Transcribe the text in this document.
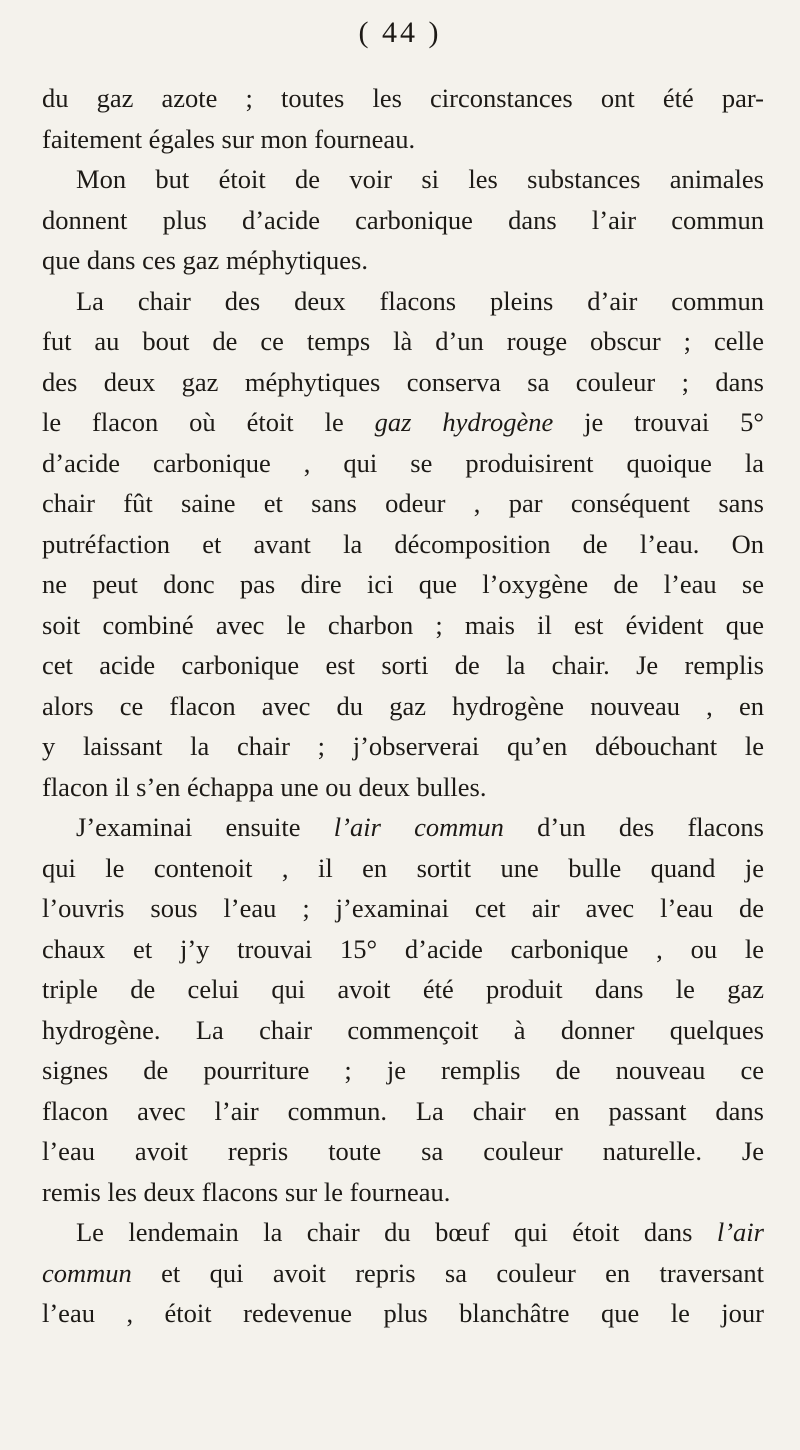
( 44 )
du gaz azote ; toutes les circonstances ont été par-
faitement égales sur mon fourneau.
Mon but étoit de voir si les substances animales
donnent plus d’acide carbonique dans l’air commun
que dans ces gaz méphytiques.
La chair des deux flacons pleins d’air commun
fut au bout de ce temps là d’un rouge obscur ; celle
des deux gaz méphytiques conserva sa couleur ; dans
le flacon où étoit le gaz hydrogène je trouvai 5°
d’acide carbonique , qui se produisirent quoique la
chair fût saine et sans odeur , par conséquent sans
putréfaction et avant la décomposition de l’eau. On
ne peut donc pas dire ici que l’oxygène de l’eau se
soit combiné avec le charbon ; mais il est évident que
cet acide carbonique est sorti de la chair. Je remplis
alors ce flacon avec du gaz hydrogène nouveau , en
y laissant la chair ; j’observerai qu’en débouchant le
flacon il s’en échappa une ou deux bulles.
J’examinai ensuite l’air commun d’un des flacons
qui le contenoit , il en sortit une bulle quand je
l’ouvris sous l’eau ; j’examinai cet air avec l’eau de
chaux et j’y trouvai 15° d’acide carbonique , ou le
triple de celui qui avoit été produit dans le gaz
hydrogène. La chair commençoit à donner quelques
signes de pourriture ; je remplis de nouveau ce
flacon avec l’air commun. La chair en passant dans
l’eau avoit repris toute sa couleur naturelle. Je
remis les deux flacons sur le fourneau.
Le lendemain la chair du bœuf qui étoit dans l’air
commun et qui avoit repris sa couleur en traversant
l’eau , étoit redevenue plus blanchâtre que le jour
